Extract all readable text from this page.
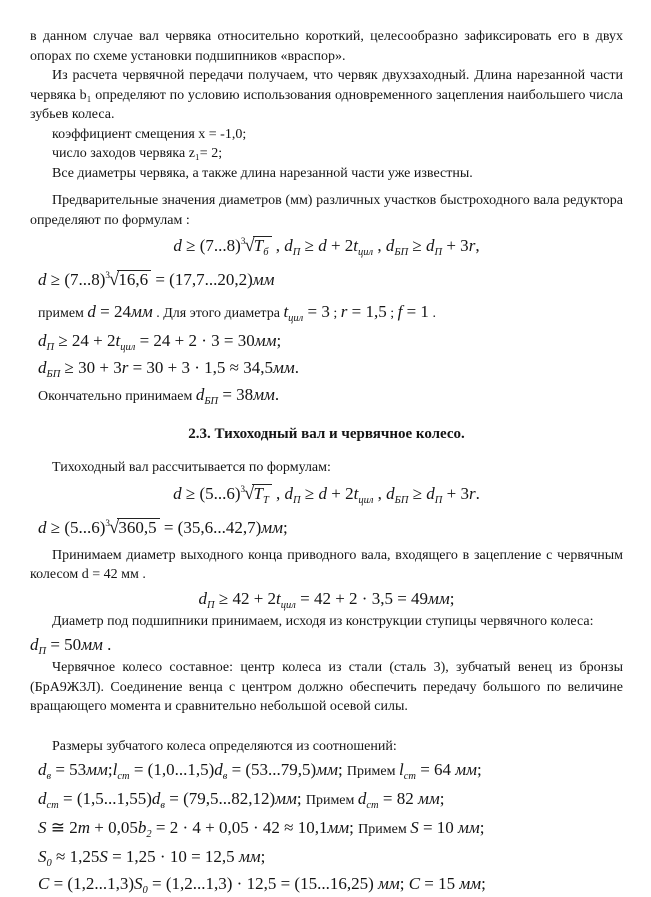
в данном случае вал червяка относительно короткий, целесообразно зафиксировать его в двух опорах по схеме установки подшипников «враспор».

Из расчета червячной передачи получаем, что червяк двухзаходный. Длина нарезанной части червяка b₁ определяют по условию использования одновременного зацепления наибольшего числа зубьев колеса.

коэффициент смещения x = -1,0;

число заходов червяка z₁= 2;

Все диаметры червяка, а также длина нарезанной части уже известны.

Предварительные значения диаметров (мм) различных участков быстроходного вала редуктора определяют по формулам :

$d \ge (7...8)^3√T_б$ , $d_П \ge d + 2t_{цил}$ , $d_{БП} \ge d_П + 3r$,
$d \ge (7...8)^3√16,6 = (17,7...20,2)мм$
примем d = 24мм . Для этого диаметра $t_{цил} = 3$ ; r = 1,5 ; f = 1 .
$d_П \ge 24 + 2t_{цил} = 24 + 2 \cdot 3 = 30мм$;
$d_{БП} \ge 30 + 3r = 30 + 3 \cdot 1,5 \approx 34,5мм$.
Окончательно принимаем $d_{БП} = 38мм$.
2.3. Тихоходный вал и червячное колесо.

Тихоходный вал рассчитывается по формулам:

$d \ge (5...6)^3√T_Т$ , $d_П \ge d + 2t_{цил}$ , $d_{БП} \ge d_П + 3r$.
$d \ge (5...6)^3√360,5 = (35,6...42,7)мм$;

Принимаем диаметр выходного конца приводного вала, входящего в зацепление с червячным колесом d = 42 мм .

$d_П \ge 42 + 2t_{цил} = 42 + 2 \cdot 3,5 = 49мм$;

Диаметр под подшипники принимаем, исходя из конструкции ступицы червячного колеса:

$d_П = 50мм$ .

Червячное колесо составное: центр колеса из стали (сталь 3), зубчатый венец из бронзы (БрА9Ж3Л). Соединение венца с центром должно обеспечить передачу большого по величине вращающего момента и сравнительно небольшой осевой силы.

Размеры зубчатого колеса определяются из соотношений:

$d_в$ = $53мм;l_{ст} = (1,0...1,5)d_в = (53...79,5)мм$; Примем $l_{ст} = 64$ мм;
$d_{ст} = (1,5...1,55)d_в = (79,5...82,12)мм$; Примем $d_{ст} = 82$ мм;
S ≅ $2m + 0,05b_2 = 2 \cdot 4 + 0,05 \cdot 42 \approx 10,1мм$; Примем S = 10 мм;
$S_0 \approx 1,25S = 1,25 \cdot 10 = 12,5$ мм;
$C = (1,2...1,3)S_0 = (1,2...1,3) \cdot 12,5 = (15...16,25)$ мм; C = 15 мм;
